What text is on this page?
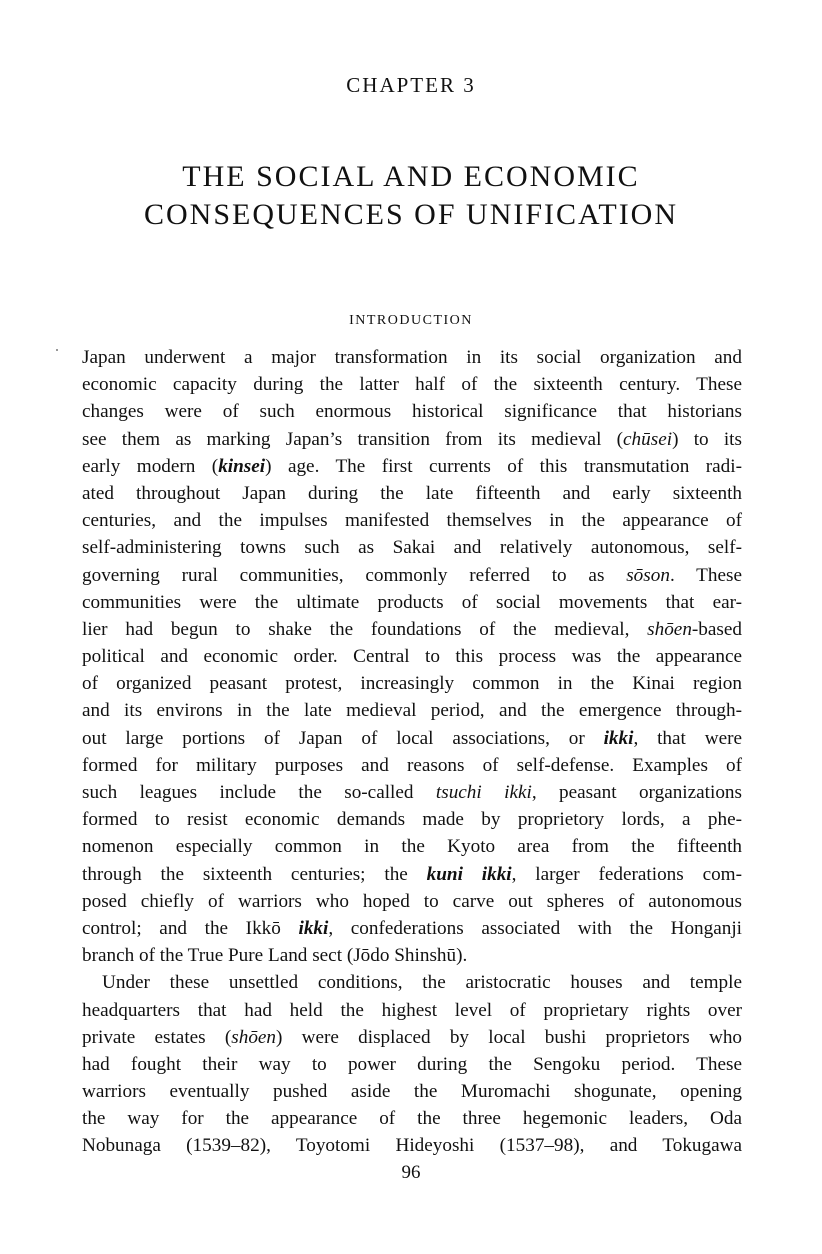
CHAPTER 3
THE SOCIAL AND ECONOMIC
CONSEQUENCES OF UNIFICATION
INTRODUCTION
Japan underwent a major transformation in its social organization and
economic capacity during the latter half of the sixteenth century. These
changes were of such enormous historical significance that historians
see them as marking Japan’s transition from its medieval (chūsei) to its
early modern (kinsei) age. The first currents of this transmutation radi-
ated throughout Japan during the late fifteenth and early sixteenth
centuries, and the impulses manifested themselves in the appearance of
self-administering towns such as Sakai and relatively autonomous, self-
governing rural communities, commonly referred to as sōson. These
communities were the ultimate products of social movements that ear-
lier had begun to shake the foundations of the medieval, shōen-based
political and economic order. Central to this process was the appearance
of organized peasant protest, increasingly common in the Kinai region
and its environs in the late medieval period, and the emergence through-
out large portions of Japan of local associations, or ikki, that were
formed for military purposes and reasons of self-defense. Examples of
such leagues include the so-called tsuchi ikki, peasant organizations
formed to resist economic demands made by proprietory lords, a phe-
nomenon especially common in the Kyoto area from the fifteenth
through the sixteenth centuries; the kuni ikki, larger federations com-
posed chiefly of warriors who hoped to carve out spheres of autonomous
control; and the Ikkō ikki, confederations associated with the Honganji
branch of the True Pure Land sect (Jōdo Shinshū).
Under these unsettled conditions, the aristocratic houses and temple
headquarters that had held the highest level of proprietary rights over
private estates (shōen) were displaced by local bushi proprietors who
had fought their way to power during the Sengoku period. These
warriors eventually pushed aside the Muromachi shogunate, opening
the way for the appearance of the three hegemonic leaders, Oda
Nobunaga (1539–82), Toyotomi Hideyoshi (1537–98), and Tokugawa
96
